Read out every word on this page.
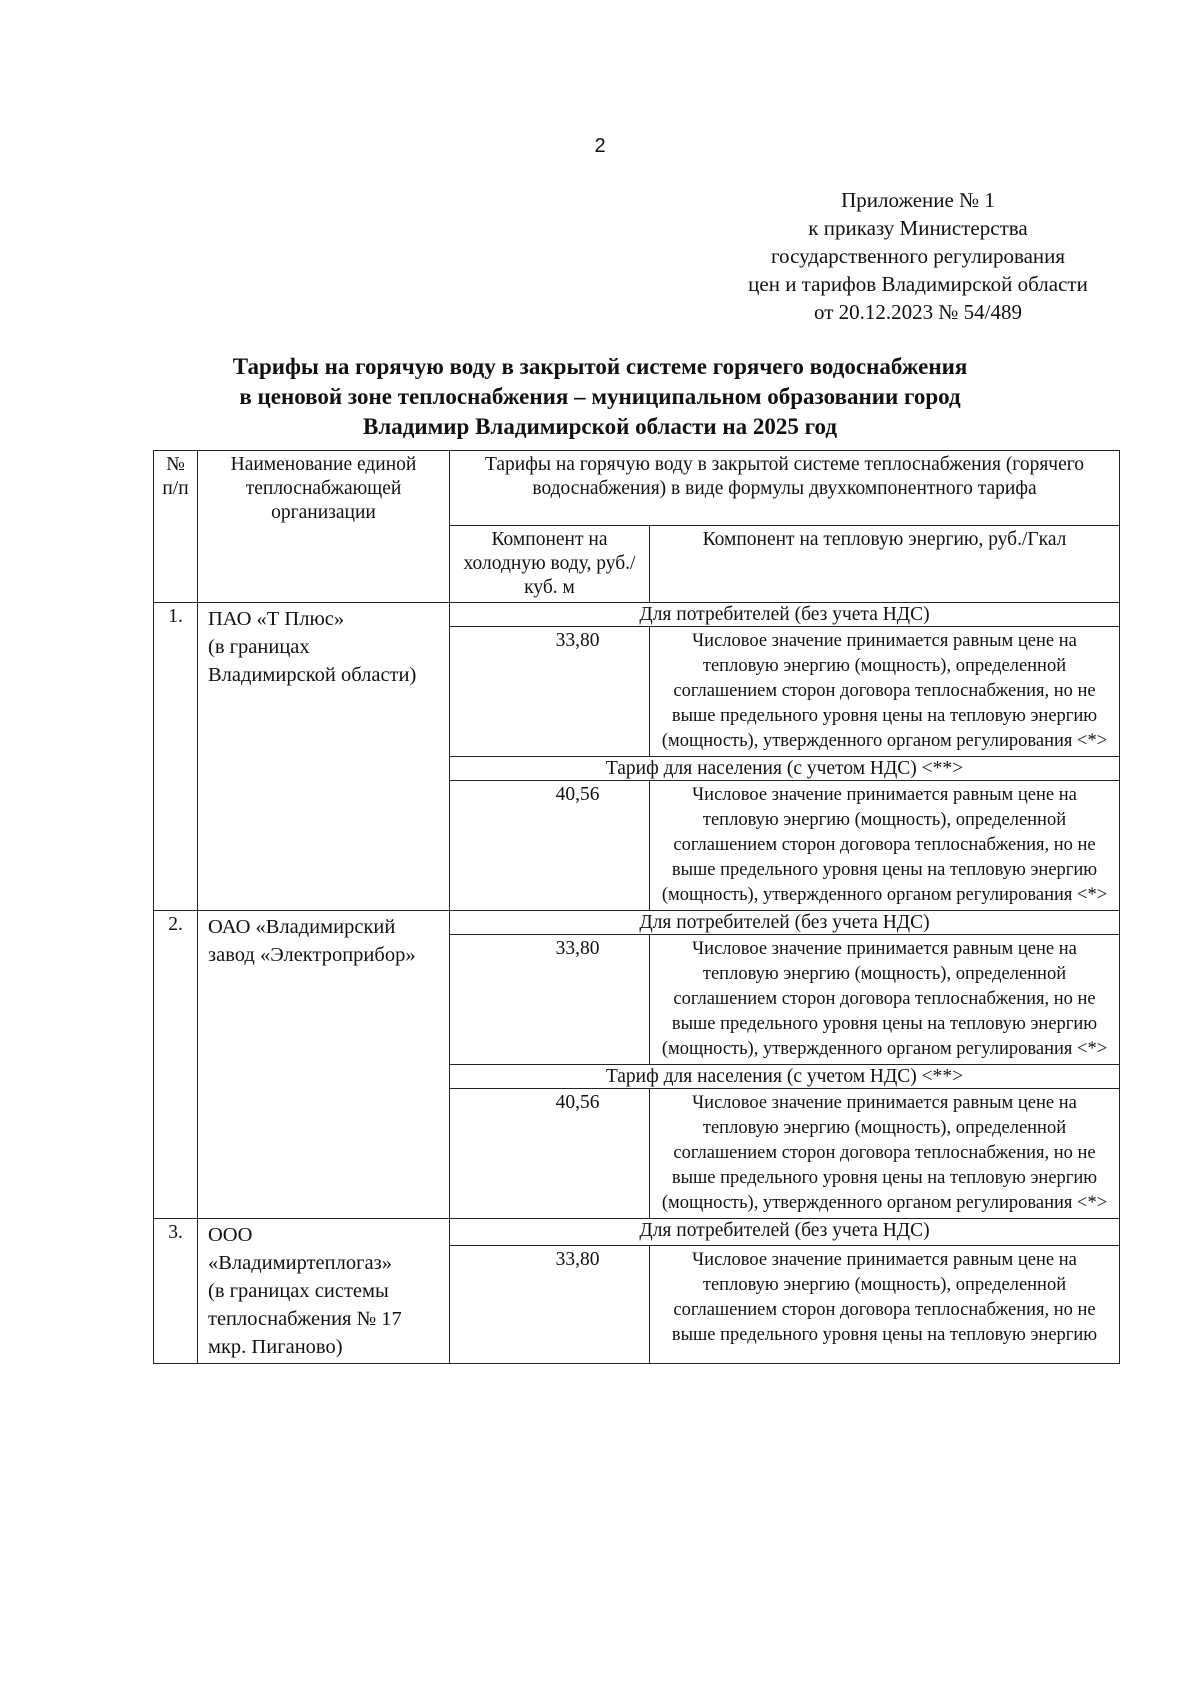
2
Приложение № 1
к приказу Министерства
государственного регулирования
цен и тарифов Владимирской области
от 20.12.2023 № 54/489
Тарифы на горячую воду в закрытой системе горячего водоснабжения
в ценовой зоне теплоснабжения – муниципальном образовании город
Владимир Владимирской области на 2025 год
№ п/п	Наименование единой теплоснабжающей организации	Тарифы на горячую воду в закрытой системе теплоснабжения (горячего водоснабжения) в виде формулы двухкомпонентного тарифа	
		Компонент на холодную воду, руб./куб. м	Компонент на тепловую энергию, руб./Гкал
1.	ПАО «Т Плюс»
(в границах
Владимирской области)	Для потребителей (без учета НДС)	
		33,80	Числовое значение принимается равным цене на тепловую энергию (мощность), определенной соглашением сторон договора теплоснабжения, но не выше предельного уровня цены на тепловую энергию (мощность), утвержденного органом регулирования <*>
		Тариф для населения (с учетом НДС) <**>	
		40,56	Числовое значение принимается равным цене на тепловую энергию (мощность), определенной соглашением сторон договора теплоснабжения, но не выше предельного уровня цены на тепловую энергию (мощность), утвержденного органом регулирования <*>
2.	ОАО «Владимирский
завод «Электроприбор»	Для потребителей (без учета НДС)	
		33,80	Числовое значение принимается равным цене на тепловую энергию (мощность), определенной соглашением сторон договора теплоснабжения, но не выше предельного уровня цены на тепловую энергию (мощность), утвержденного органом регулирования <*>
		Тариф для населения (с учетом НДС) <**>	
		40,56	Числовое значение принимается равным цене на тепловую энергию (мощность), определенной соглашением сторон договора теплоснабжения, но не выше предельного уровня цены на тепловую энергию (мощность), утвержденного органом регулирования <*>
3.	ООО
«Владимиртеплогаз»
(в границах системы
теплоснабжения № 17
мкр. Пиганово)	Для потребителей (без учета НДС)	
		33,80	Числовое значение принимается равным цене на тепловую энергию (мощность), определенной соглашением сторон договора теплоснабжения, но не выше предельного уровня цены на тепловую энергию
